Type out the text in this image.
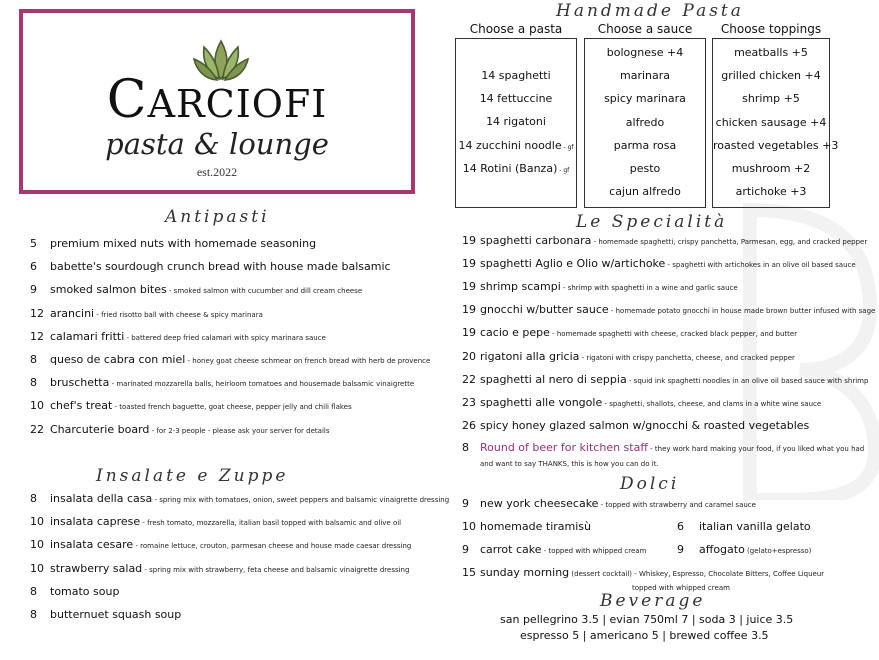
CARCIOFI
pasta & lounge
est.2022
Antipasti
Insalate e Zuppe
Handmade Pasta
Choose a pasta	Choose a sauce	Choose toppings
14 spaghetti
14 fettuccine
14 rigatoni
14 zucchini noodle - gf
14 Rotini (Banza) - gf
bolognese +4
marinara
spicy marinara
alfredo
parma rosa
pesto
cajun alfredo
meatballs +5
grilled chicken +4
shrimp +5
chicken sausage +4
roasted vegetables +3
mushroom +2
artichoke +3
Le Specialità
8 Round of beer for kitchen staff - they work hard making your food, if you liked what you had
and want to say THANKS, this is how you can do it.
Dolci
9 new york cheesecake - topped with strawberry and caramel sauce
10 homemade tiramisù	6 italian vanilla gelato
9 carrot cake - topped with whipped cream	9 affogato (gelato+espresso)
15 sunday morning (dessert cocktail) - Whiskey, Espresso, Chocolate Bitters, Coffee Liqueur
topped with whipped cream
Beverage
san pellegrino 3.5 | evian 750ml 7 | soda 3 | juice 3.5
espresso 5 | americano 5 | brewed coffee 3.5
5 premium mixed nuts with homemade seasoning
6 babette's sourdough crunch bread with house made balsamic
9 smoked salmon bites - smoked salmon with cucumber and dill cream cheese
12 arancini - fried risotto ball with cheese & spicy marinara
12 calamari fritti - battered deep fried calamari with spicy marinara sauce
8 queso de cabra con miel - honey goat cheese schmear on french bread with herb de provence
8 bruschetta - marinated mozzarella balls, heirloom tomatoes and housemade balsamic vinaigrette
10 chef's treat - toasted french baguette, goat cheese, pepper jelly and chili flakes
22 Charcuterie board - for 2-3 people - please ask your server for details
8 insalata della casa - spring mix with tomatoes, onion, sweet peppers and balsamic vinaigrette dressing
10 insalata caprese - fresh tomato, mozzarella, italian basil topped with balsamic and olive oil
10 insalata cesare - romaine lettuce, crouton, parmesan cheese and house made caesar dressing
10 strawberry salad - spring mix with strawberry, feta cheese and balsamic vinaigrette dressing
8 tomato soup
8 butternuet squash soup
19 spaghetti carbonara - homemade spaghetti, crispy panchetta, Parmesan, egg, and cracked pepper
19 spaghetti Aglio e Olio w/artichoke - spaghetti with artichokes in an olive oil based sauce
19 shrimp scampi - shrimp with spaghetti in a wine and garlic sauce
19 gnocchi w/butter sauce - homemade potato gnocchi in house made brown butter infused with sage
19 cacio e pepe - homemade spaghetti with cheese, cracked black pepper, and butter
20 rigatoni alla gricia - rigatoni with crispy panchetta, cheese, and cracked pepper
22 spaghetti al nero di seppia - squid ink spaghetti noodles in an olive oil based sauce with shrimp
23 spaghetti alle vongole - spaghetti, shallots, cheese, and clams in a white wine sauce
26 spicy honey glazed salmon w/gnocchi & roasted vegetables
